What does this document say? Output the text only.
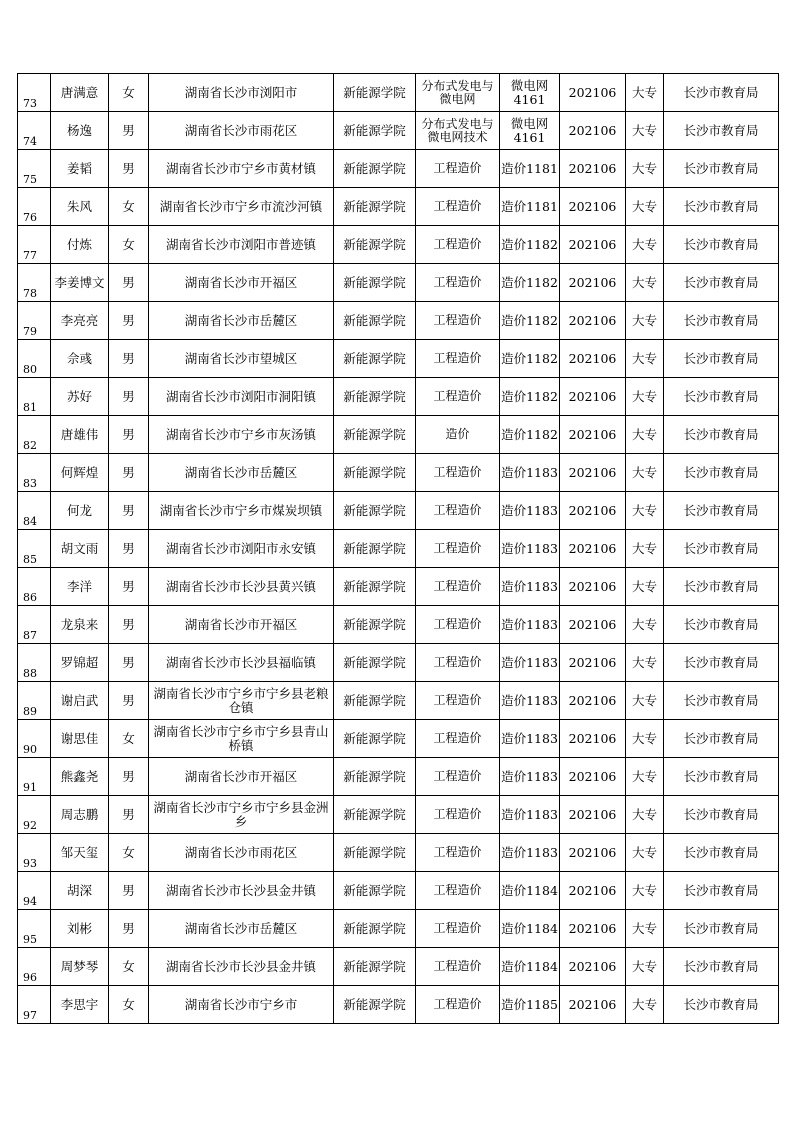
73	唐满意	女	湖南省长沙市浏阳市	新能源学院	分布式发电与微电网	微电网4161	202106	大专	长沙市教育局
74	杨逸	男	湖南省长沙市雨花区	新能源学院	分布式发电与微电网技术	微电网4161	202106	大专	长沙市教育局
75	姜韬	男	湖南省长沙市宁乡市黄材镇	新能源学院	工程造价	造价1181	202106	大专	长沙市教育局
76	朱风	女	湖南省长沙市宁乡市流沙河镇	新能源学院	工程造价	造价1181	202106	大专	长沙市教育局
77	付炼	女	湖南省长沙市浏阳市普迹镇	新能源学院	工程造价	造价1182	202106	大专	长沙市教育局
78	李姜博文	男	湖南省长沙市开福区	新能源学院	工程造价	造价1182	202106	大专	长沙市教育局
79	李亮亮	男	湖南省长沙市岳麓区	新能源学院	工程造价	造价1182	202106	大专	长沙市教育局
80	佘彧	男	湖南省长沙市望城区	新能源学院	工程造价	造价1182	202106	大专	长沙市教育局
81	苏好	男	湖南省长沙市浏阳市洞阳镇	新能源学院	工程造价	造价1182	202106	大专	长沙市教育局
82	唐雄伟	男	湖南省长沙市宁乡市灰汤镇	新能源学院	造价	造价1182	202106	大专	长沙市教育局
83	何辉煌	男	湖南省长沙市岳麓区	新能源学院	工程造价	造价1183	202106	大专	长沙市教育局
84	何龙	男	湖南省长沙市宁乡市煤炭坝镇	新能源学院	工程造价	造价1183	202106	大专	长沙市教育局
85	胡文雨	男	湖南省长沙市浏阳市永安镇	新能源学院	工程造价	造价1183	202106	大专	长沙市教育局
86	李洋	男	湖南省长沙市长沙县黄兴镇	新能源学院	工程造价	造价1183	202106	大专	长沙市教育局
87	龙泉来	男	湖南省长沙市开福区	新能源学院	工程造价	造价1183	202106	大专	长沙市教育局
88	罗锦超	男	湖南省长沙市长沙县福临镇	新能源学院	工程造价	造价1183	202106	大专	长沙市教育局
89	谢启武	男	湖南省长沙市宁乡市宁乡县老粮仓镇	新能源学院	工程造价	造价1183	202106	大专	长沙市教育局
90	谢思佳	女	湖南省长沙市宁乡市宁乡县青山桥镇	新能源学院	工程造价	造价1183	202106	大专	长沙市教育局
91	熊鑫尧	男	湖南省长沙市开福区	新能源学院	工程造价	造价1183	202106	大专	长沙市教育局
92	周志鹏	男	湖南省长沙市宁乡市宁乡县金洲乡	新能源学院	工程造价	造价1183	202106	大专	长沙市教育局
93	邹天玺	女	湖南省长沙市雨花区	新能源学院	工程造价	造价1183	202106	大专	长沙市教育局
94	胡深	男	湖南省长沙市长沙县金井镇	新能源学院	工程造价	造价1184	202106	大专	长沙市教育局
95	刘彬	男	湖南省长沙市岳麓区	新能源学院	工程造价	造价1184	202106	大专	长沙市教育局
96	周梦琴	女	湖南省长沙市长沙县金井镇	新能源学院	工程造价	造价1184	202106	大专	长沙市教育局
97	李思宇	女	湖南省长沙市宁乡市	新能源学院	工程造价	造价1185	202106	大专	长沙市教育局
